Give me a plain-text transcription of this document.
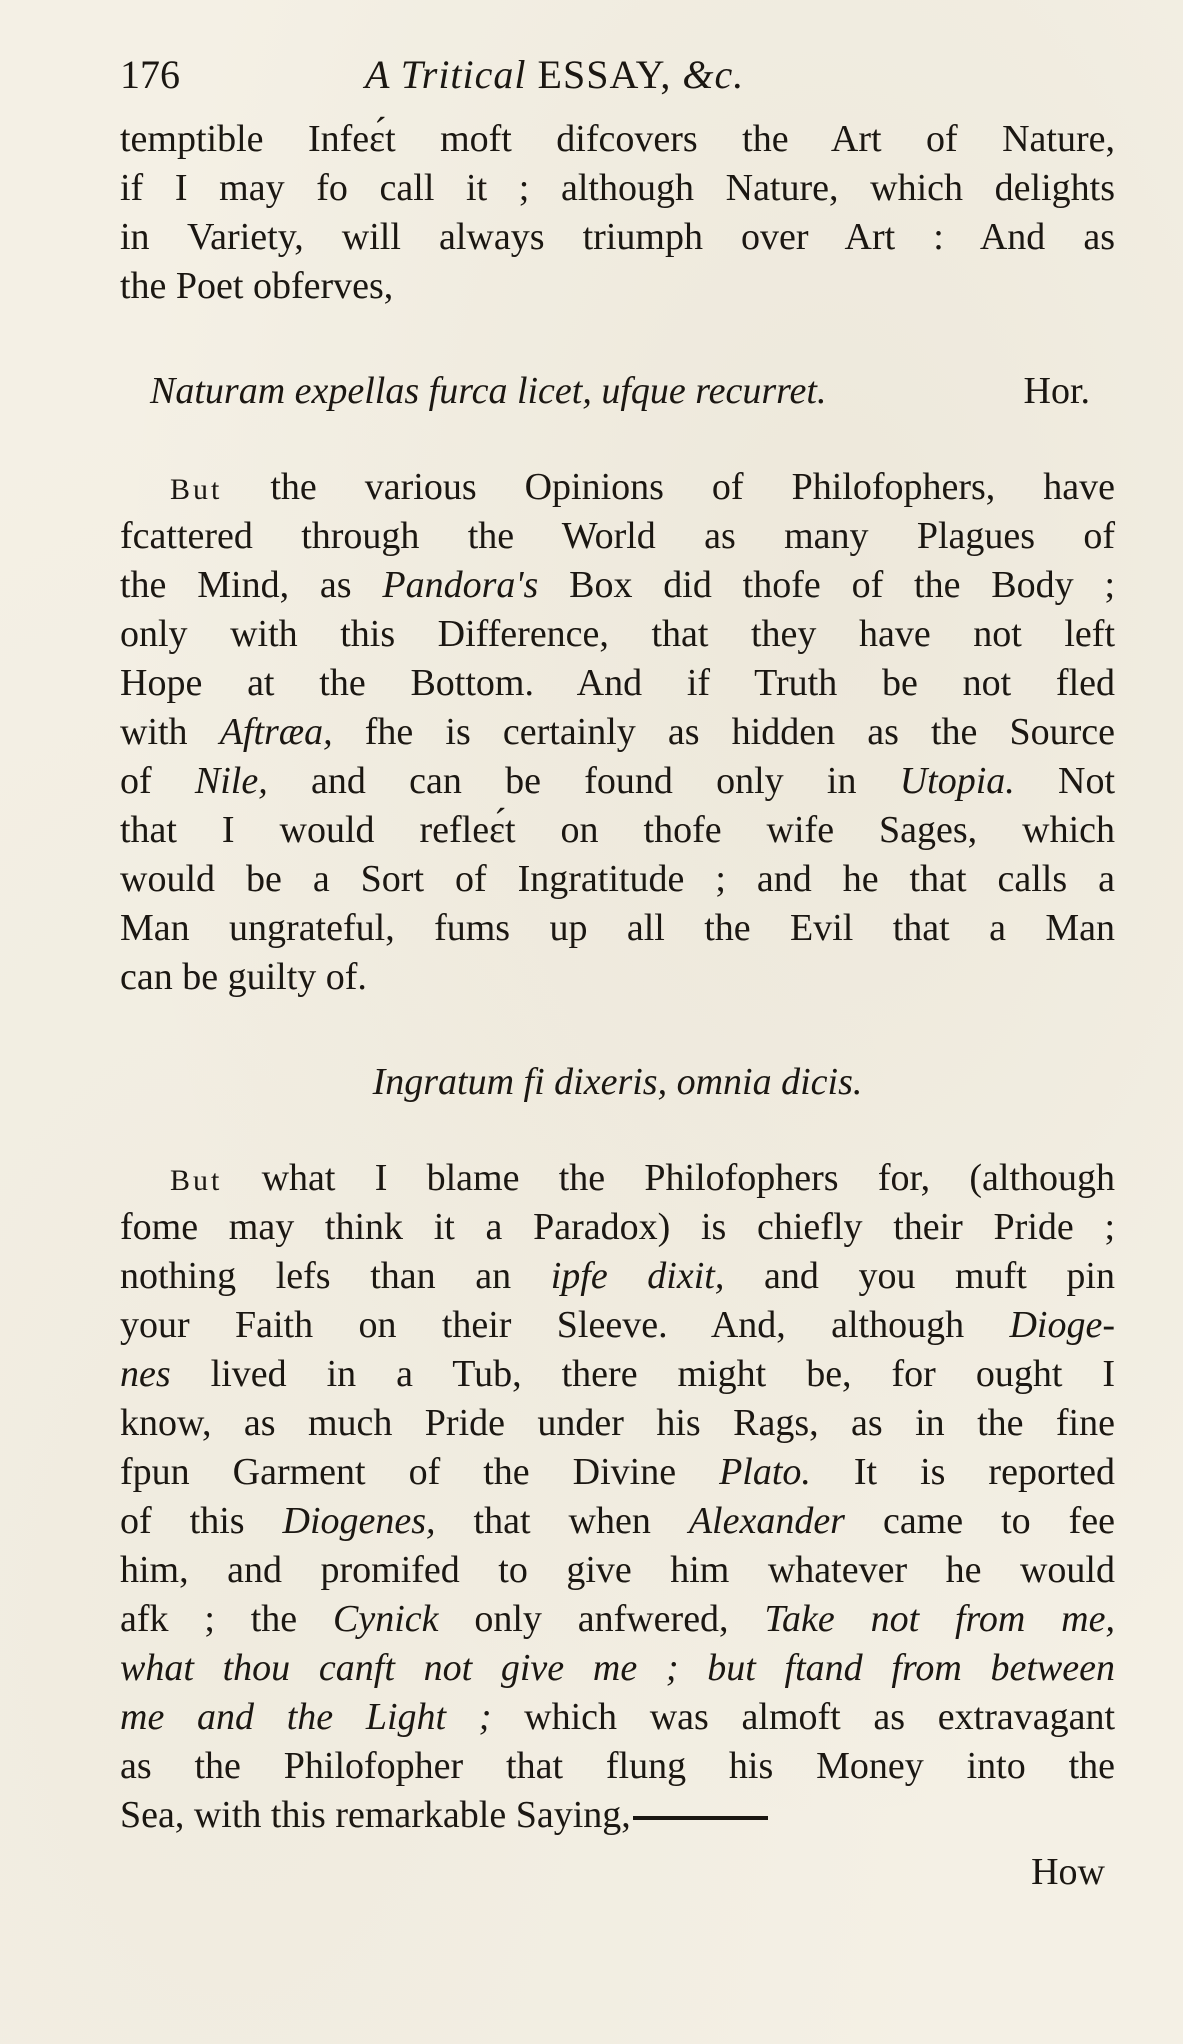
176	A Tritical ESSAY, &c.
temptible Infeɛ́t moft difcovers the Art of Nature,
if I may fo call it ; although Nature, which delights
in Variety, will always triumph over Art : And as
the Poet obferves,
Naturam expellas furca licet, ufque recurret.	Hor.
But the various Opinions of Philofophers, have
fcattered through the World as many Plagues of
the Mind, as Pandora's Box did thofe of the Body ;
only with this Difference, that they have not left
Hope at the Bottom. And if Truth be not fled
with Aftræa, fhe is certainly as hidden as the Source
of Nile, and can be found only in Utopia. Not
that I would refleɛ́t on thofe wife Sages, which
would be a Sort of Ingratitude ; and he that calls a
Man ungrateful, fums up all the Evil that a Man
can be guilty of.
Ingratum fi dixeris, omnia dicis.
But what I blame the Philofophers for, (although
fome may think it a Paradox) is chiefly their Pride ;
nothing lefs than an ipfe dixit, and you muft pin
your Faith on their Sleeve. And, although Dioge-
nes lived in a Tub, there might be, for ought I
know, as much Pride under his Rags, as in the fine
fpun Garment of the Divine Plato. It is reported
of this Diogenes, that when Alexander came to fee
him, and promifed to give him whatever he would
afk ; the Cynick only anfwered, Take not from me,
what thou canft not give me ; but ftand from between
me and the Light ; which was almoft as extravagant
as the Philofopher that flung his Money into the
Sea, with this remarkable Saying,
How
